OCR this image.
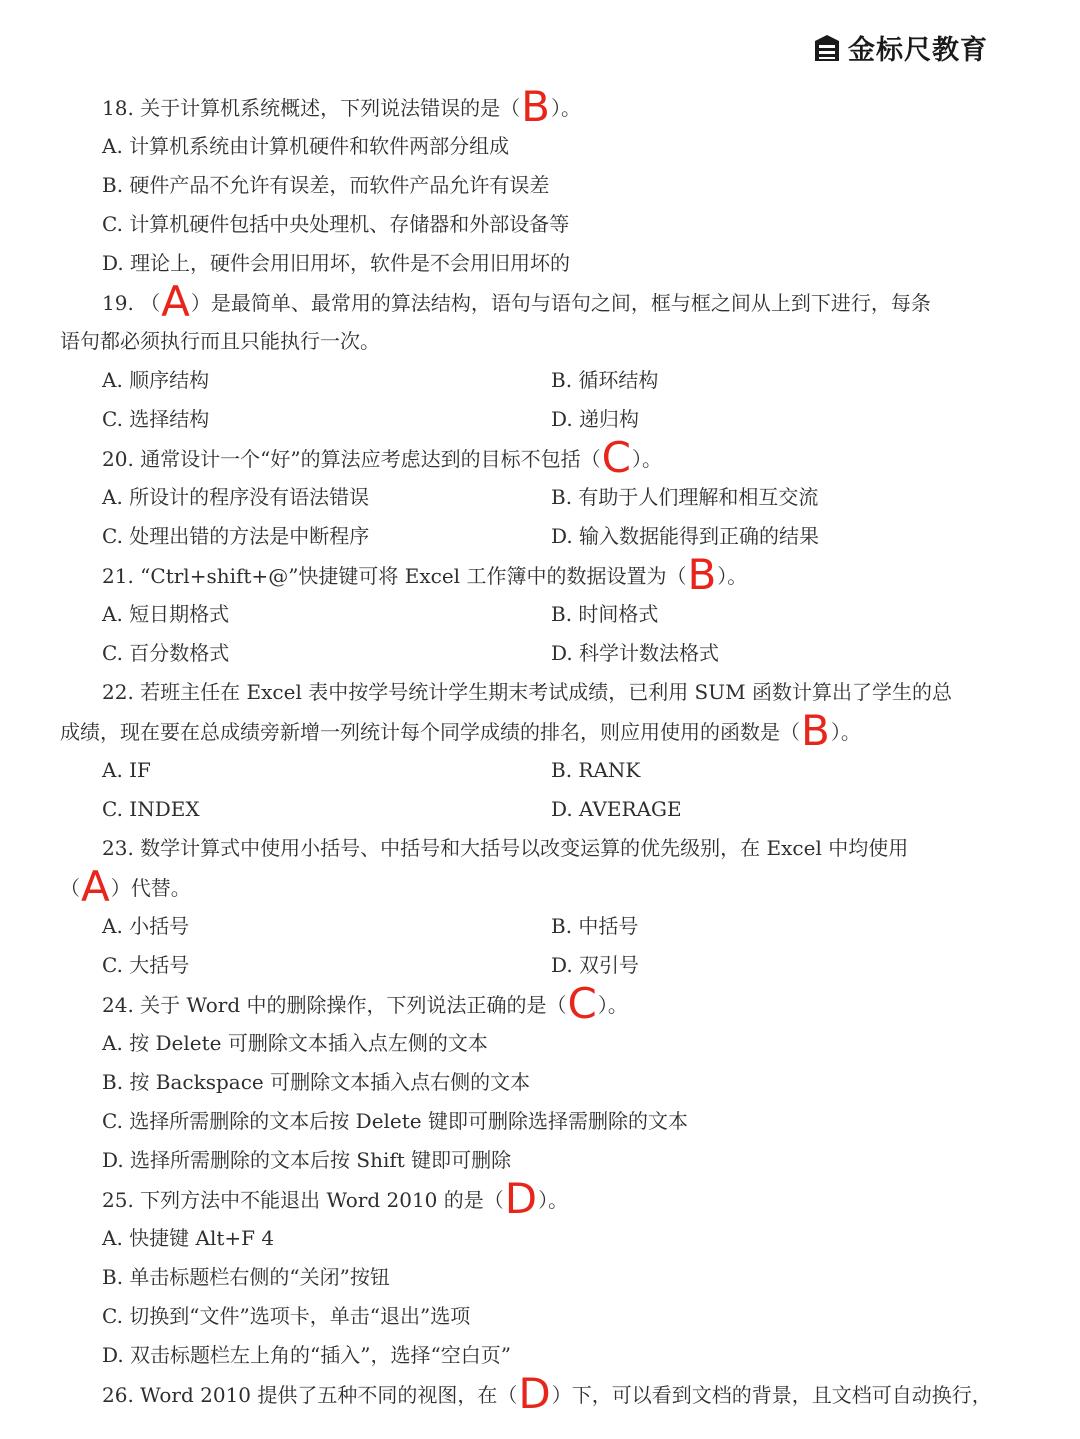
金标尺教育
18. 关于计算机系统概述，下列说法错误的是（B）。
A. 计算机系统由计算机硬件和软件两部分组成
B. 硬件产品不允许有误差，而软件产品允许有误差
C. 计算机硬件包括中央处理机、存储器和外部设备等
D. 理论上，硬件会用旧用坏，软件是不会用旧用坏的
19. （A）是最简单、最常用的算法结构，语句与语句之间，框与框之间从上到下进行，每条
语句都必须执行而且只能执行一次。
A. 顺序结构	B. 循环结构
C. 选择结构	D. 递归构
20. 通常设计一个“好”的算法应考虑达到的目标不包括（C）。
A. 所设计的程序没有语法错误	B. 有助于人们理解和相互交流
C. 处理出错的方法是中断程序	D. 输入数据能得到正确的结果
21. “Ctrl+shift+@”快捷键可将 Excel 工作簿中的数据设置为（B）。
A. 短日期格式	B. 时间格式
C. 百分数格式	D. 科学计数法格式
22. 若班主任在 Excel 表中按学号统计学生期末考试成绩，已利用 SUM 函数计算出了学生的总
成绩，现在要在总成绩旁新增一列统计每个同学成绩的排名，则应用使用的函数是（B）。
A. IF	B. RANK
C. INDEX	D. AVERAGE
23. 数学计算式中使用小括号、中括号和大括号以改变运算的优先级别，在 Excel 中均使用
（A）代替。
A. 小括号	B. 中括号
C. 大括号	D. 双引号
24. 关于 Word 中的删除操作，下列说法正确的是（C）。
A. 按 Delete 可删除文本插入点左侧的文本
B. 按 Backspace 可删除文本插入点右侧的文本
C. 选择所需删除的文本后按 Delete 键即可删除选择需删除的文本
D. 选择所需删除的文本后按 Shift 键即可删除
25. 下列方法中不能退出 Word 2010 的是（D）。
A. 快捷键 Alt+F 4
B. 单击标题栏右侧的“关闭”按钮
C. 切换到“文件”选项卡，单击“退出”选项
D. 双击标题栏左上角的“插入”，选择“空白页”
26. Word 2010 提供了五种不同的视图，在（D）下，可以看到文档的背景，且文档可自动换行，
